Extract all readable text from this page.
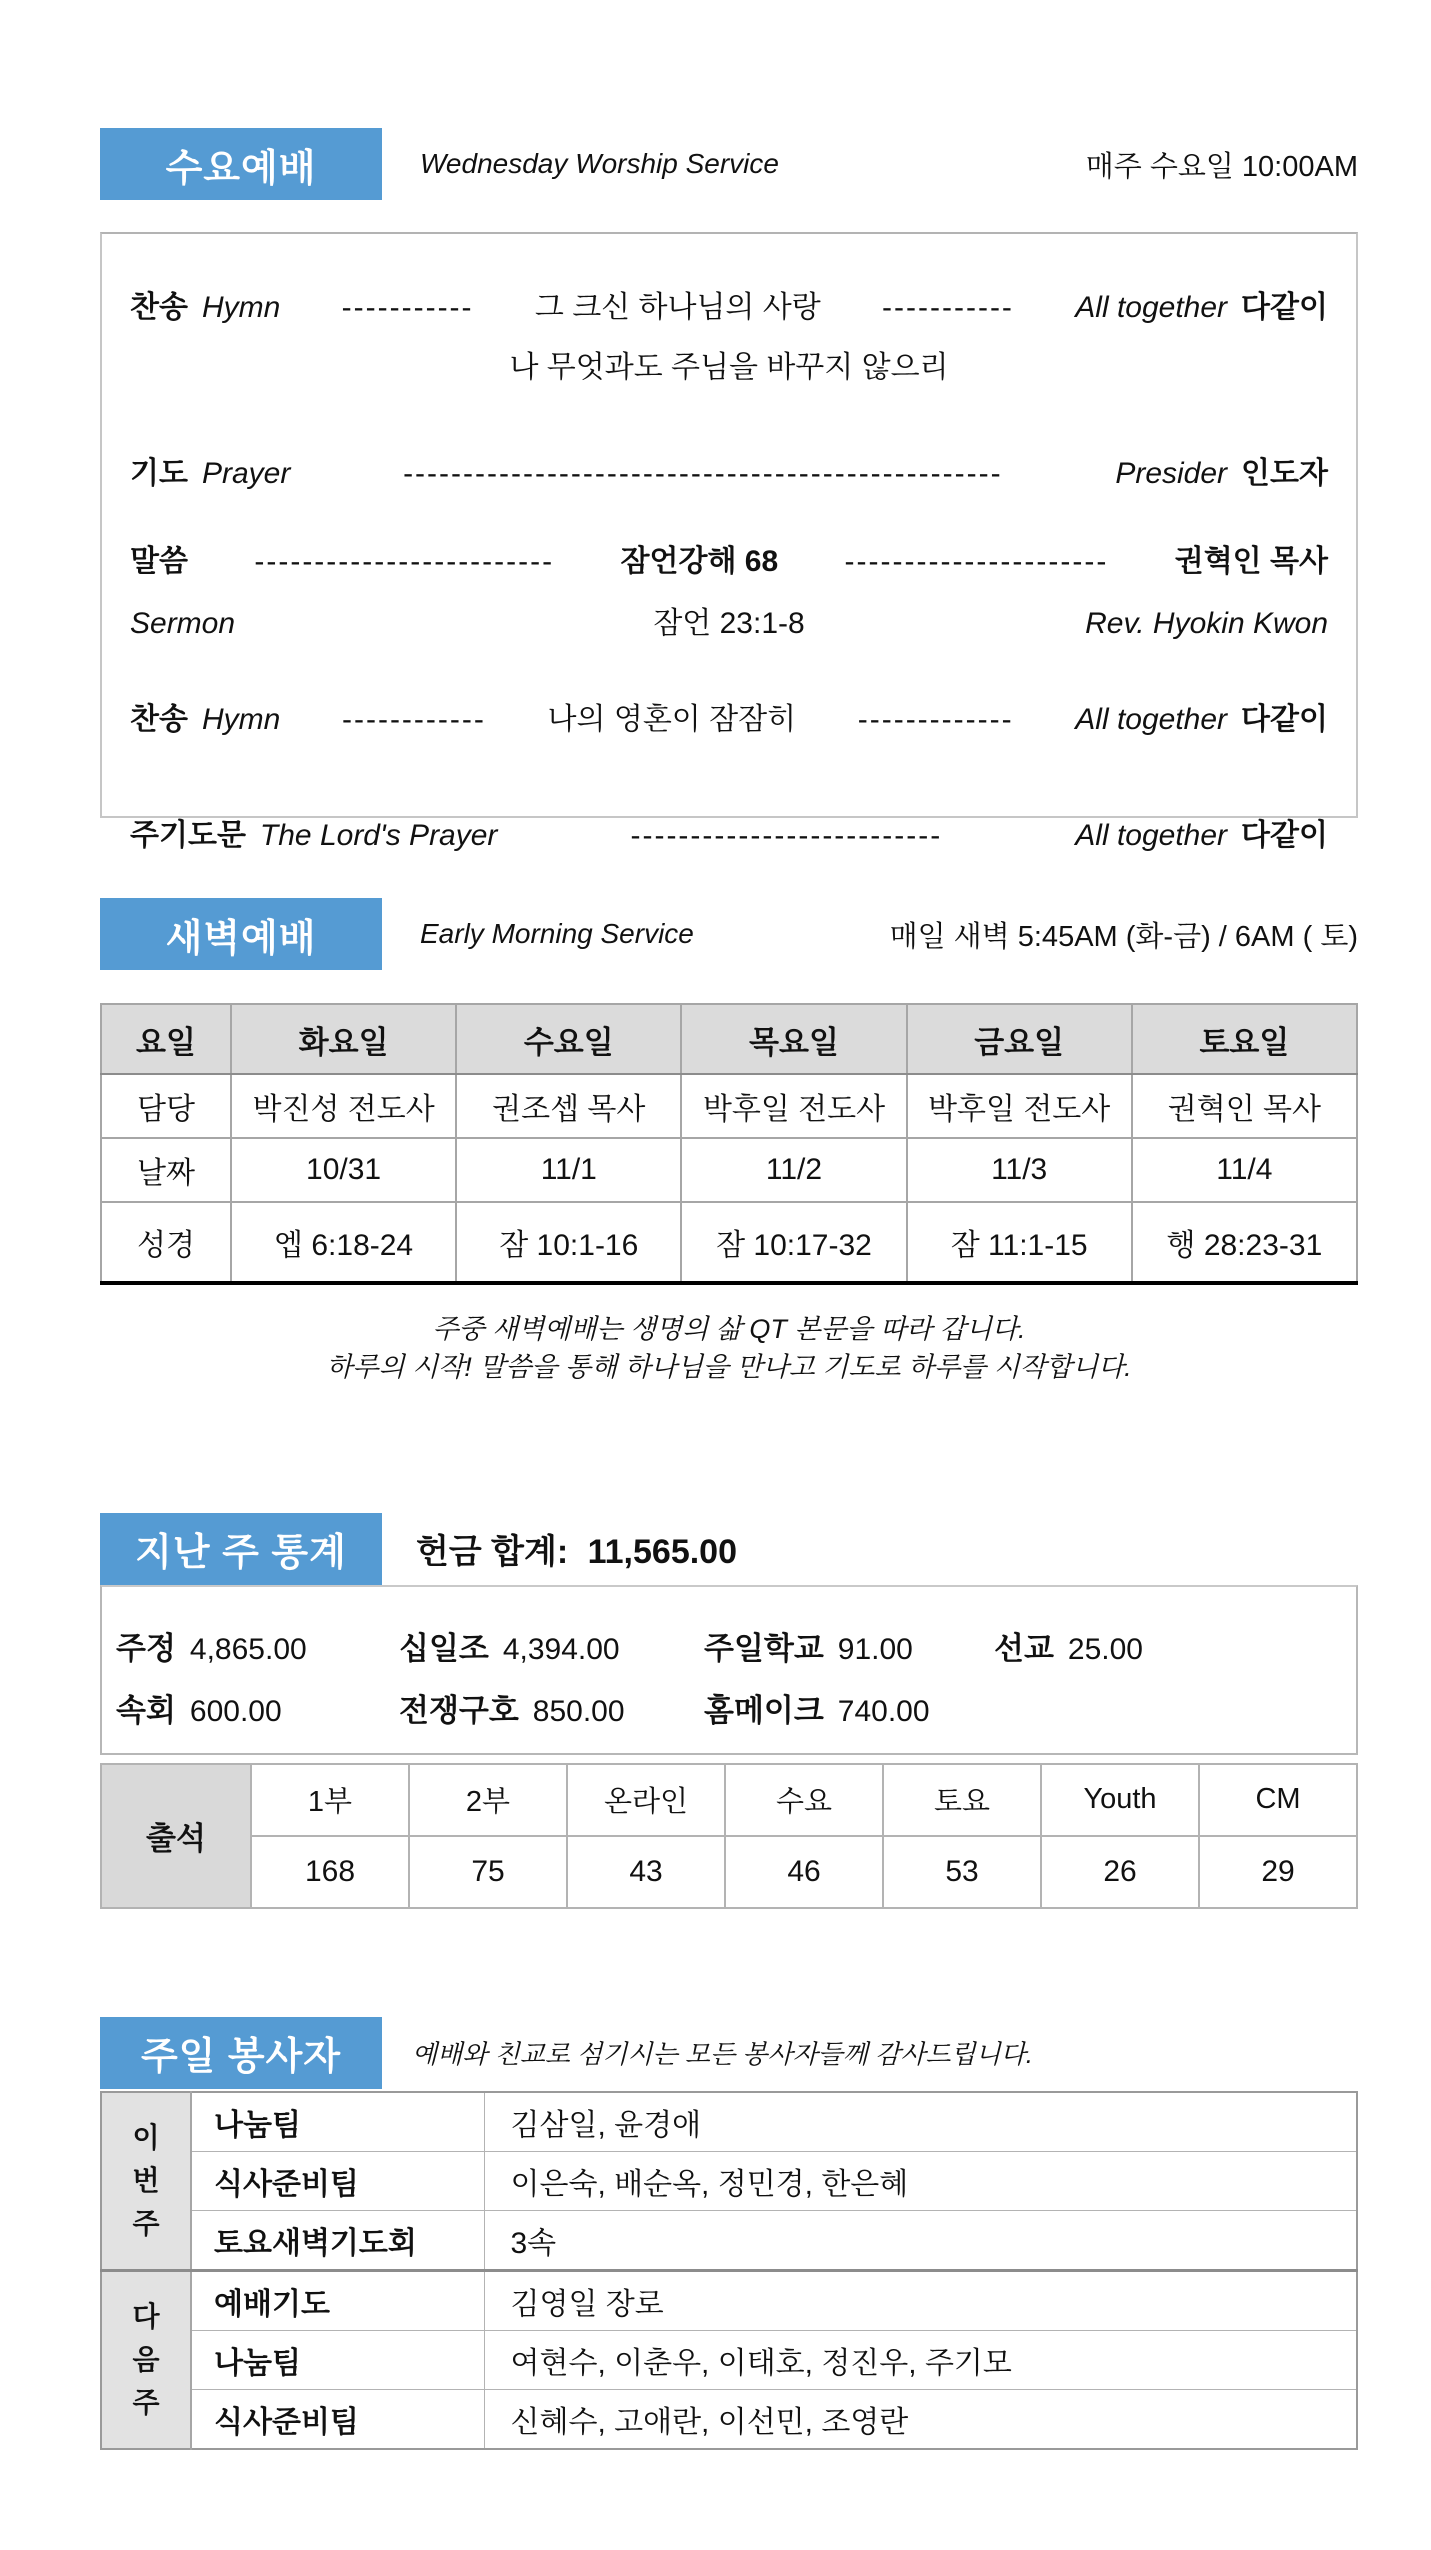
수요예배	Wednesday Worship Service	매주 수요일 10:00AM
찬송 Hymn ----------- 그 크신 하나님의 사랑 ----------- All together 다같이
나 무엇과도 주님을 바꾸지 않으리
기도 Prayer	--------------------------------------------------	Presider 인도자
말씀 ------------------------- 잠언강해 68 ---------------------- 권혁인 목사
Sermon	잠언 23:1-8	Rev. Hyokin Kwon
찬송 Hymn ------------ 나의 영혼이 잠잠히 ------------- All together 다같이
주기도문 The Lord's Prayer	--------------------------	All together 다같이
새벽예배	Early Morning Service	매일 새벽 5:45AM (화-금) / 6AM ( 토)
요일	화요일	수요일	목요일	금요일	토요일
담당	박진성 전도사	권조셉 목사	박후일 전도사	박후일 전도사	권혁인 목사
날짜	10/31	11/1	11/2	11/3	11/4
성경	엡 6:18-24	잠 10:1-16	잠 10:17-32	잠 11:1-15	행 28:23-31
주중 새벽예배는 생명의 삶 QT 본문을 따라 갑니다.
하루의 시작! 말씀을 통해 하나님을 만나고 기도로 하루를 시작합니다.
지난 주 통계	헌금 합계: 11,565.00
주정 4,865.00	십일조 4,394.00	주일학교 91.00	선교 25.00
속회 600.00	전쟁구호 850.00	홈메이크 740.00
출석	1부	2부	온라인	수요	토요	Youth	CM
	168	75	43	46	53	26	29
주일 봉사자	예배와 친교로 섬기시는 모든 봉사자들께 감사드립니다.
이번주	나눔팀	김삼일, 윤경애
	식사준비팀	이은숙, 배순옥, 정민경, 한은혜
	토요새벽기도회	3속
다음주	예배기도	김영일 장로
	나눔팀	여현수, 이춘우, 이태호, 정진우, 주기모
	식사준비팀	신혜수, 고애란, 이선민, 조영란
